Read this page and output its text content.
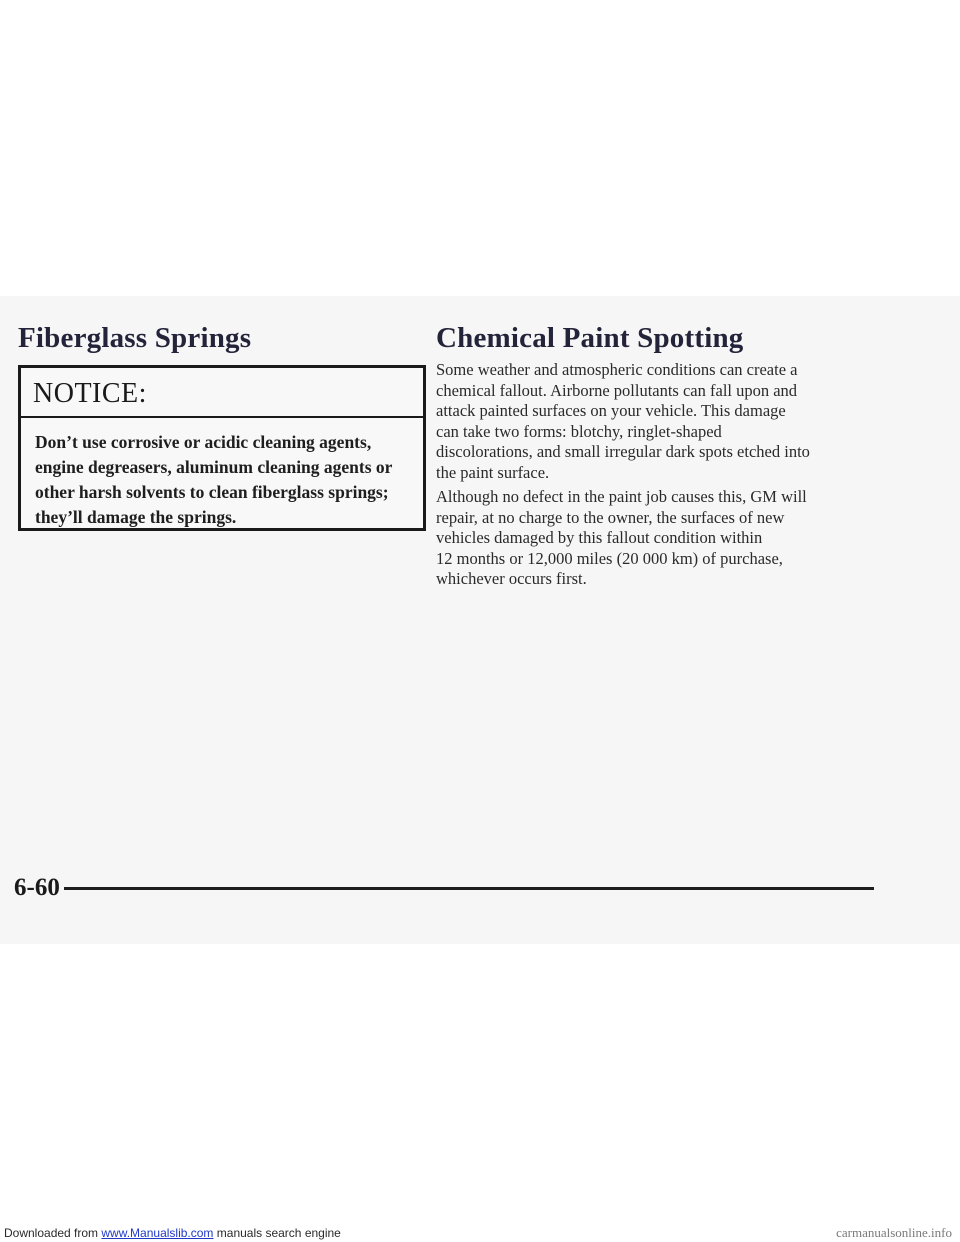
Fiberglass Springs
NOTICE:
Don’t use corrosive or acidic cleaning agents,
engine degreasers, aluminum cleaning agents or
other harsh solvents to clean fiberglass springs;
they’ll damage the springs.
Chemical Paint Spotting
Some weather and atmospheric conditions can create a
chemical fallout. Airborne pollutants can fall upon and
attack painted surfaces on your vehicle. This damage
can take two forms: blotchy, ringlet-shaped
discolorations, and small irregular dark spots etched into
the paint surface.
Although no defect in the paint job causes this, GM will
repair, at no charge to the owner, the surfaces of new
vehicles damaged by this fallout condition within
12 months or 12,000 miles (20 000 km) of purchase,
whichever occurs first.
6-60
Downloaded from www.Manualslib.com manuals search engine	carmanualsonline.info
